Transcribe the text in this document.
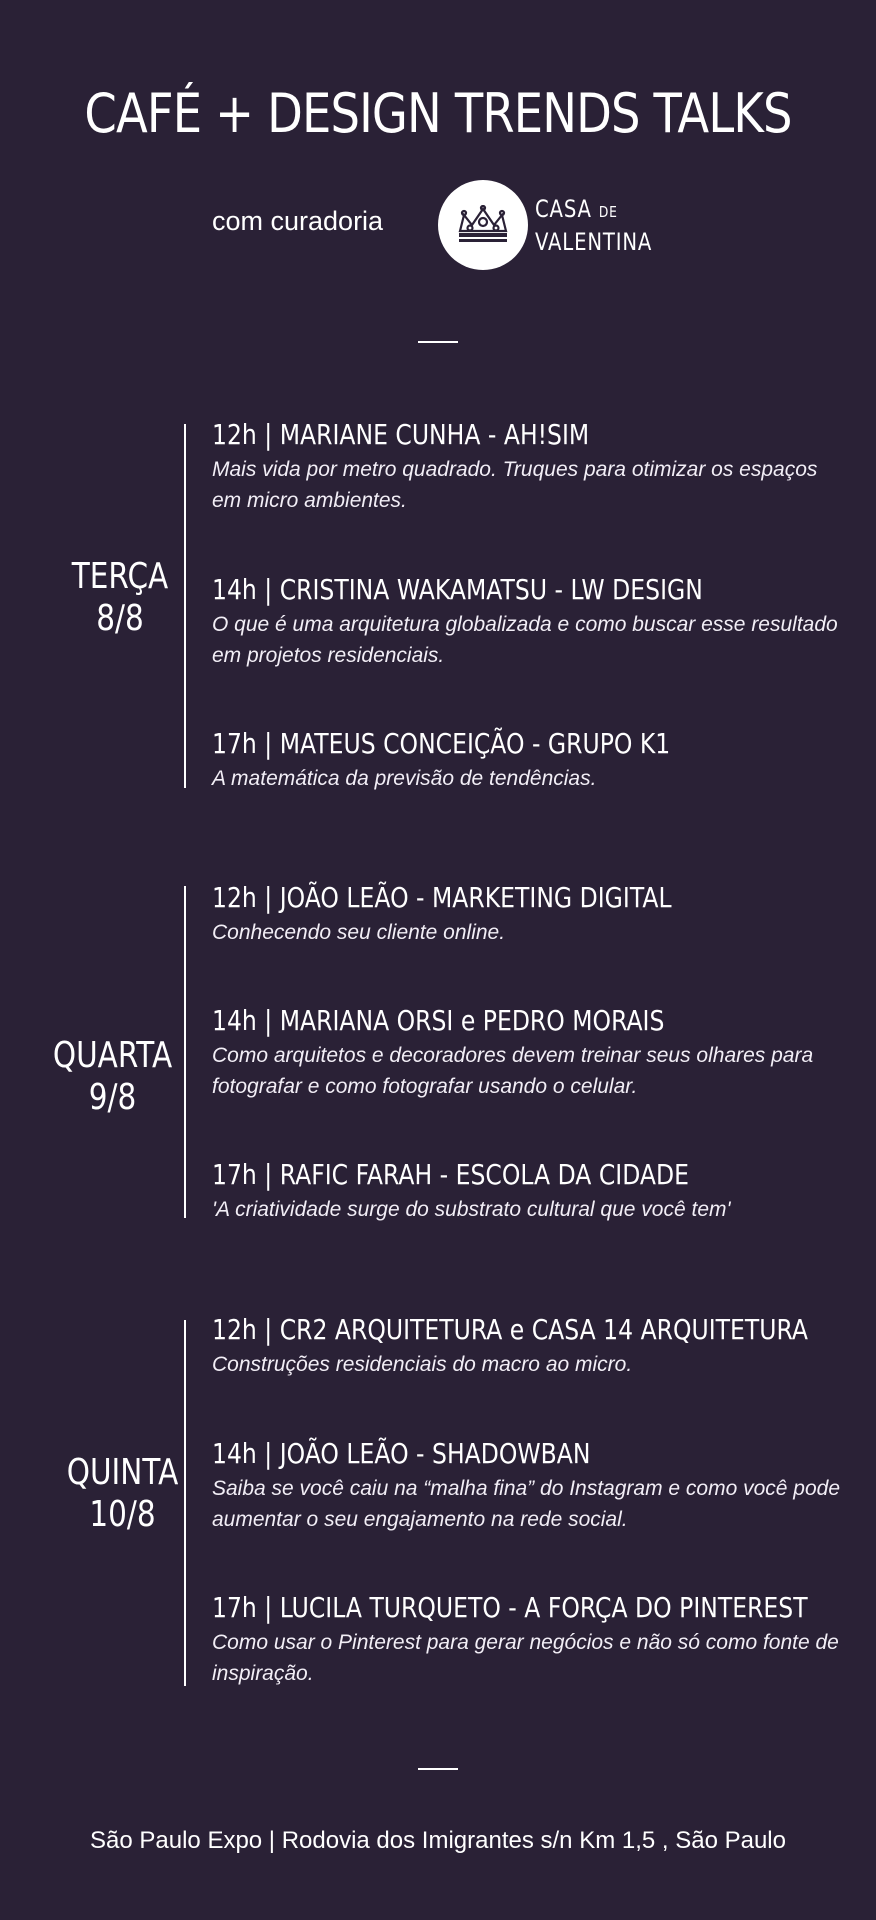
CAFÉ + DESIGN TRENDS TALKS
com curadoria	CASA DE
VALENTINA
TERÇA
8/8
12h | MARIANE CUNHA - AH!SIM
Mais vida por metro quadrado. Truques para otimizar os espaços em micro ambientes.
14h | CRISTINA WAKAMATSU - LW DESIGN
O que é uma arquitetura globalizada e como buscar esse resultado em projetos residenciais.
17h | MATEUS CONCEIÇÃO - GRUPO K1
A matemática da previsão de tendências.
QUARTA
9/8
12h | JOÃO LEÃO - MARKETING DIGITAL
Conhecendo seu cliente online.
14h | MARIANA ORSI e PEDRO MORAIS
Como arquitetos e decoradores devem treinar seus olhares para fotografar e como fotografar usando o celular.
17h | RAFIC FARAH - ESCOLA DA CIDADE
'A criatividade surge do substrato cultural que você tem'
QUINTA
10/8
12h | CR2 ARQUITETURA e CASA 14 ARQUITETURA
Construções residenciais do macro ao micro.
14h | JOÃO LEÃO - SHADOWBAN
Saiba se você caiu na “malha fina” do Instagram e como você pode aumentar o seu engajamento na rede social.
17h | LUCILA TURQUETO - A FORÇA DO PINTEREST
Como usar o Pinterest para gerar negócios e não só como fonte de inspiração.
São Paulo Expo | Rodovia dos Imigrantes s/n Km 1,5 , São Paulo
